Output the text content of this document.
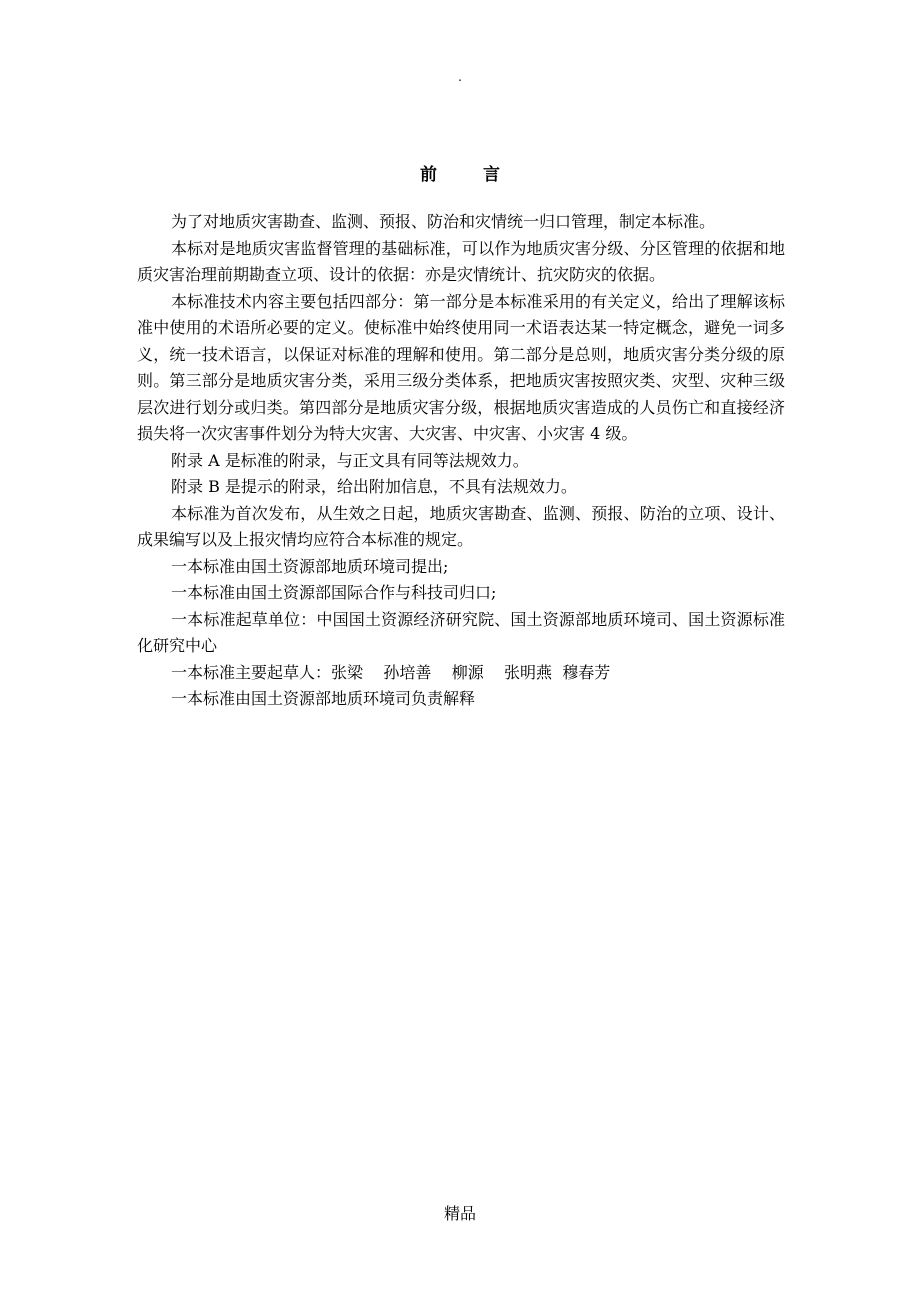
.
前 言

为了对地质灾害勘查、监测、预报、防治和灾情统一归口管理，制定本标准。

本标对是地质灾害监督管理的基础标准，可以作为地质灾害分级、分区管理的依据和地质灾害治理前期勘查立项、设计的依据：亦是灾情统计、抗灾防灾的依据。

本标准技术内容主要包括四部分：第一部分是本标准采用的有关定义，给出了理解该标准中使用的术语所必要的定义。使标准中始终使用同一术语表达某一特定概念，避免一词多义，统一技术语言，以保证对标准的理解和使用。第二部分是总则，地质灾害分类分级的原则。第三部分是地质灾害分类，采用三级分类体系，把地质灾害按照灾类、灾型、灾种三级层次进行划分或归类。第四部分是地质灾害分级，根据地质灾害造成的人员伤亡和直接经济损失将一次灾害事件划分为特大灾害、大灾害、中灾害、小灾害 4 级。

附录 A 是标准的附录，与正文具有同等法规效力。

附录 B 是提示的附录，给出附加信息，不具有法规效力。

本标准为首次发布，从生效之日起，地质灾害勘查、监测、预报、防治的立项、设计、成果编写以及上报灾情均应符合本标准的规定。

一本标准由国土资源部地质环境司提出;

一本标准由国土资源部国际合作与科技司归口;

一本标准起草单位：中国国土资源经济研究院、国土资源部地质环境司、国土资源标准化研究中心

一本标准主要起草人：张梁    孙培善    柳源    张明燕  穆春芳

一本标准由国土资源部地质环境司负责解释

精品
